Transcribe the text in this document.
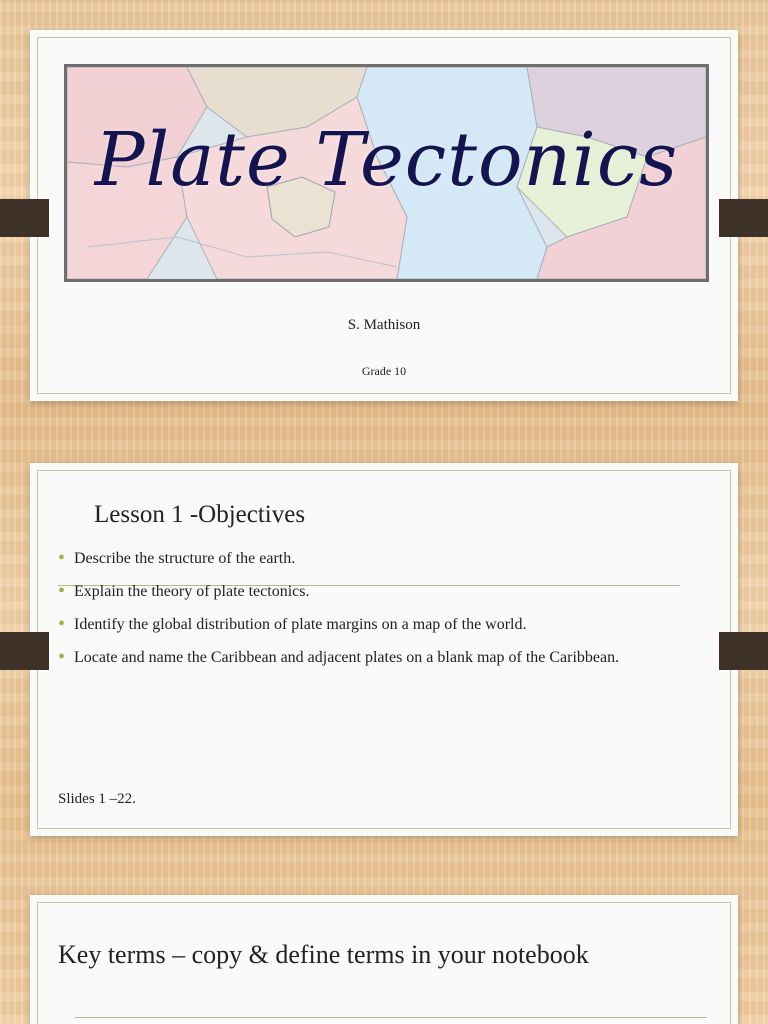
Plate Tectonics
S. Mathison
Grade 10
Lesson 1 -Objectives
• Describe the structure of the earth.
• Explain the theory of plate tectonics.
• Identify the global distribution of plate margins on a map of the world.
• Locate and name the Caribbean and adjacent plates on a blank map of the Caribbean.
Slides 1 –22.
Key terms – copy & define terms in your notebook
